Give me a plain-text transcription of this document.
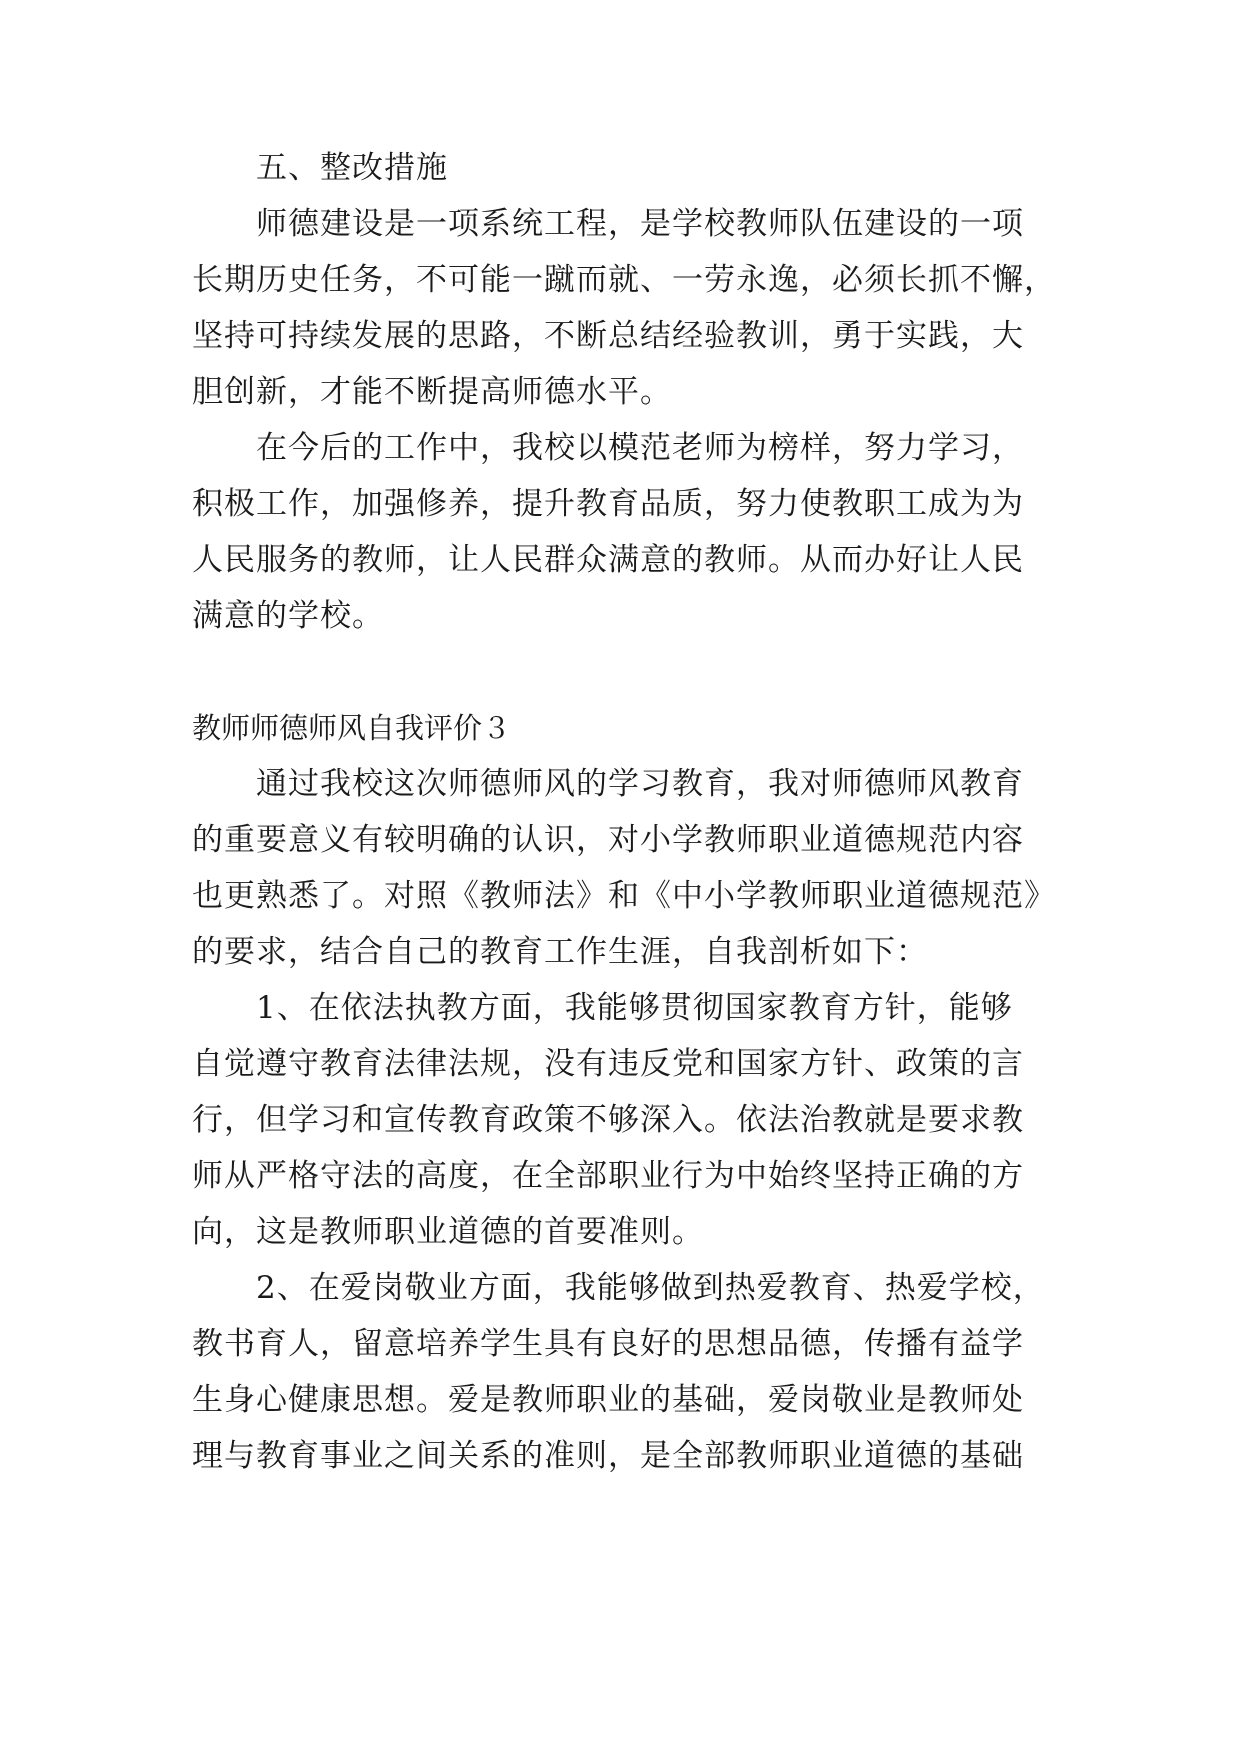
五、整改措施
师德建设是一项系统工程，是学校教师队伍建设的一项
长期历史任务，不可能一蹴而就、一劳永逸，必须长抓不懈，
坚持可持续发展的思路，不断总结经验教训，勇于实践，大
胆创新，才能不断提高师德水平。
在今后的工作中，我校以模范老师为榜样，努力学习，
积极工作，加强修养，提升教育品质，努力使教职工成为为
人民服务的教师，让人民群众满意的教师。从而办好让人民
满意的学校。
教师师德师风自我评价３
通过我校这次师德师风的学习教育，我对师德师风教育
的重要意义有较明确的认识，对小学教师职业道德规范内容
也更熟悉了。对照《教师法》和《中小学教师职业道德规范》
的要求，结合自己的教育工作生涯，自我剖析如下：
1、在依法执教方面，我能够贯彻国家教育方针，能够
自觉遵守教育法律法规，没有违反党和国家方针、政策的言
行，但学习和宣传教育政策不够深入。依法治教就是要求教
师从严格守法的高度，在全部职业行为中始终坚持正确的方
向，这是教师职业道德的首要准则。
2、在爱岗敬业方面，我能够做到热爱教育、热爱学校，
教书育人，留意培养学生具有良好的思想品德，传播有益学
生身心健康思想。爱是教师职业的基础，爱岗敬业是教师处
理与教育事业之间关系的准则，是全部教师职业道德的基础
